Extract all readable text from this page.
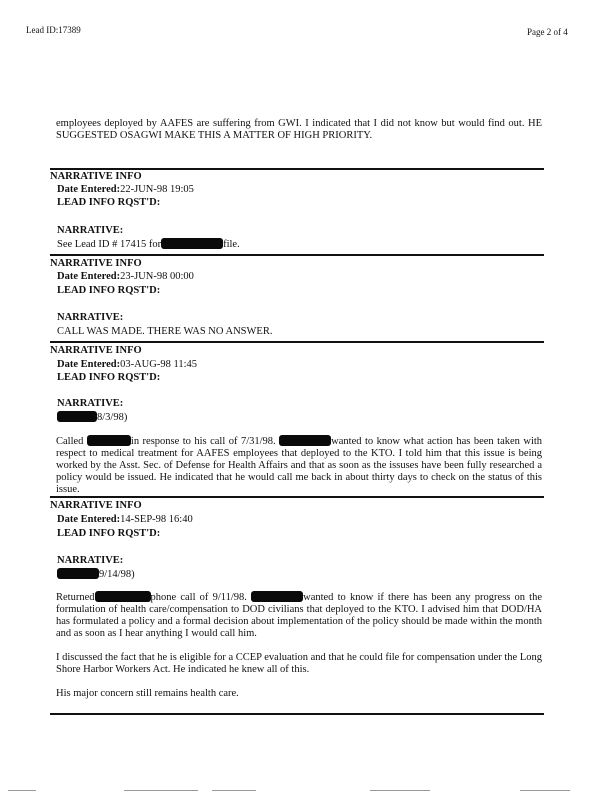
Lead ID:17389	Page 2 of 4
employees deployed by AAFES are suffering from GWI. I indicated that I did not know but would find out. HE SUGGESTED OSAGWI MAKE THIS A MATTER OF HIGH PRIORITY.
NARRATIVE INFO
Date Entered:22-JUN-98 19:05
LEAD INFO RQST'D:
NARRATIVE:
See Lead ID # 17415 for	file.
NARRATIVE INFO
Date Entered:23-JUN-98 00:00
LEAD INFO RQST'D:
NARRATIVE:
CALL WAS MADE. THERE WAS NO ANSWER.
NARRATIVE INFO
Date Entered:03-AUG-98 11:45
LEAD INFO RQST'D:
NARRATIVE:
8/3/98)
Called	in response to his call of 7/31/98.	wanted to know what action has been taken with respect to medical treatment for AAFES employees that deployed to the KTO. I told him that this issue is being worked by the Asst. Sec. of Defense for Health Affairs and that as soon as the issuses have been fully researched a policy would be issued. He indicated that he would call me back in about thirty days to check on the status of this issue.
NARRATIVE INFO
Date Entered:14-SEP-98 16:40
LEAD INFO RQST'D:
NARRATIVE:
9/14/98)
Returned	phone call of 9/11/98.	wanted to know if there has been any progress on the formulation of health care/compensation to DOD civilians that deployed to the KTO. I advised him that DOD/HA has formulated a policy and a formal decision about implementation of the policy should be made within the month and as soon as I hear anything I would call him.
I discussed the fact that he is eligible for a CCEP evaluation and that he could file for compensation under the Long Shore Harbor Workers Act. He indicated he knew all of this.
His major concern still remains health care.
